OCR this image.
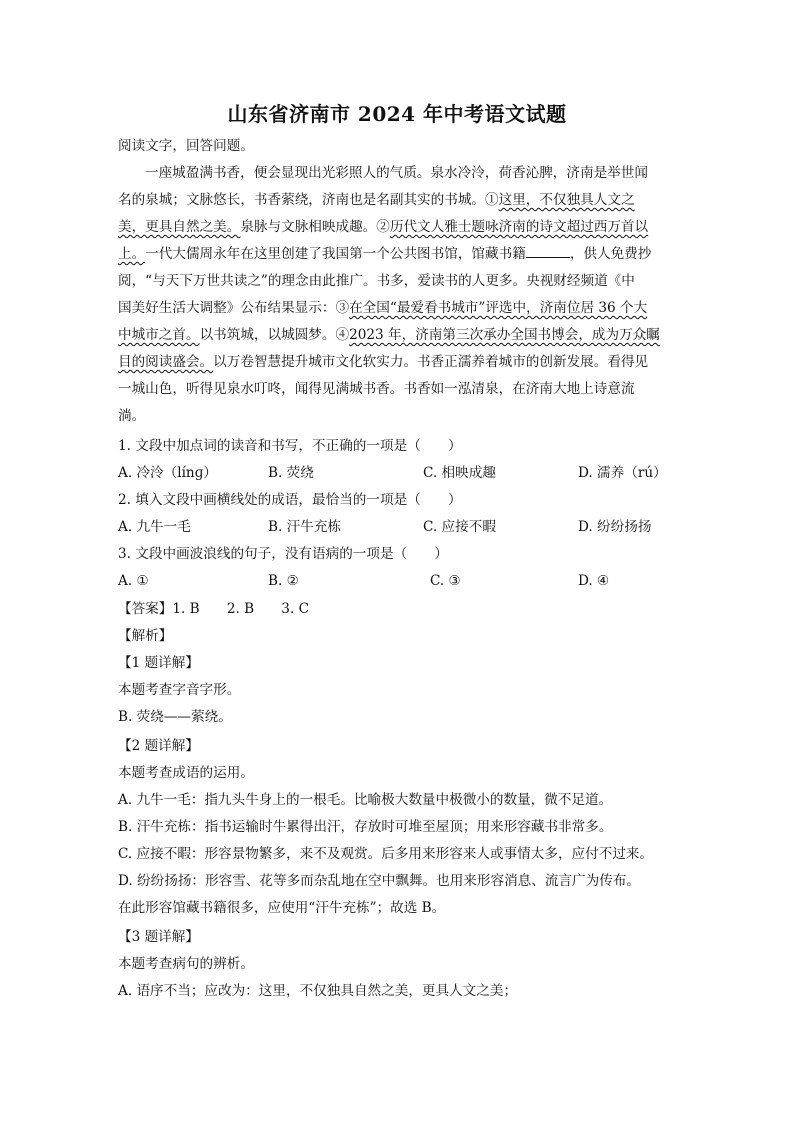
山东省济南市 2024 年中考语文试题
阅读文字，回答问题。
一座城盈满书香，便会显现出光彩照人的气质。泉水冷泠，荷香沁脾，济南是举世闻
名的泉城；文脉悠长，书香萦绕，济南也是名副其实的书城。①这里，不仅独具人文之
美，更具自然之美。泉脉与文脉相映成趣。②历代文人雅士题咏济南的诗文超过西万首以
上。一代大儒周永年在这里创建了我国第一个公共图书馆，馆藏书籍	，供人免费抄
阅，“与天下万世共读之”的理念由此推广。书多，爱读书的人更多。央视财经频道《中
国美好生活大调整》公布结果显示：③在全国“最爱看书城市”评选中，济南位居 36 个大
中城市之首。以书筑城，以城圆梦。④2023 年，济南第三次承办全国书博会，成为万众瞩
目的阅读盛会。以万卷智慧提升城市文化软实力。书香正濡养着城市的创新发展。看得见
一城山色，听得见泉水叮咚，闻得见满城书香。书香如一泓清泉，在济南大地上诗意流
淌。
1. 文段中加点词的读音和书写，不正确的一项是（　　）
A. 冷泠（línɡ）	B. 荧绕	C. 相映成趣	D. 濡养（rú）
2. 填入文段中画横线处的成语，最恰当的一项是（　　）
A. 九牛一毛	B. 汗牛充栋	C. 应接不暇	D. 纷纷扬扬
3. 文段中画波浪线的句子，没有语病的一项是（　　）
A. ①	B. ②	C. ③	D. ④
【答案】1. B　　2. B　　3. C
【解析】
【1 题详解】
本题考查字音字形。
B. 荧绕——萦绕。
【2 题详解】
本题考查成语的运用。
A. 九牛一毛：指九头牛身上的一根毛。比喻极大数量中极微小的数量，微不足道。
B. 汗牛充栋：指书运输时牛累得出汗，存放时可堆至屋顶；用来形容藏书非常多。
C. 应接不暇：形容景物繁多，来不及观赏。后多用来形容来人或事情太多，应付不过来。
D. 纷纷扬扬：形容雪、花等多而杂乱地在空中飘舞。也用来形容消息、流言广为传布。
在此形容馆藏书籍很多，应使用“汗牛充栋”；故选 B。
【3 题详解】
本题考查病句的辨析。
A. 语序不当；应改为：这里，不仅独具自然之美，更具人文之美；
